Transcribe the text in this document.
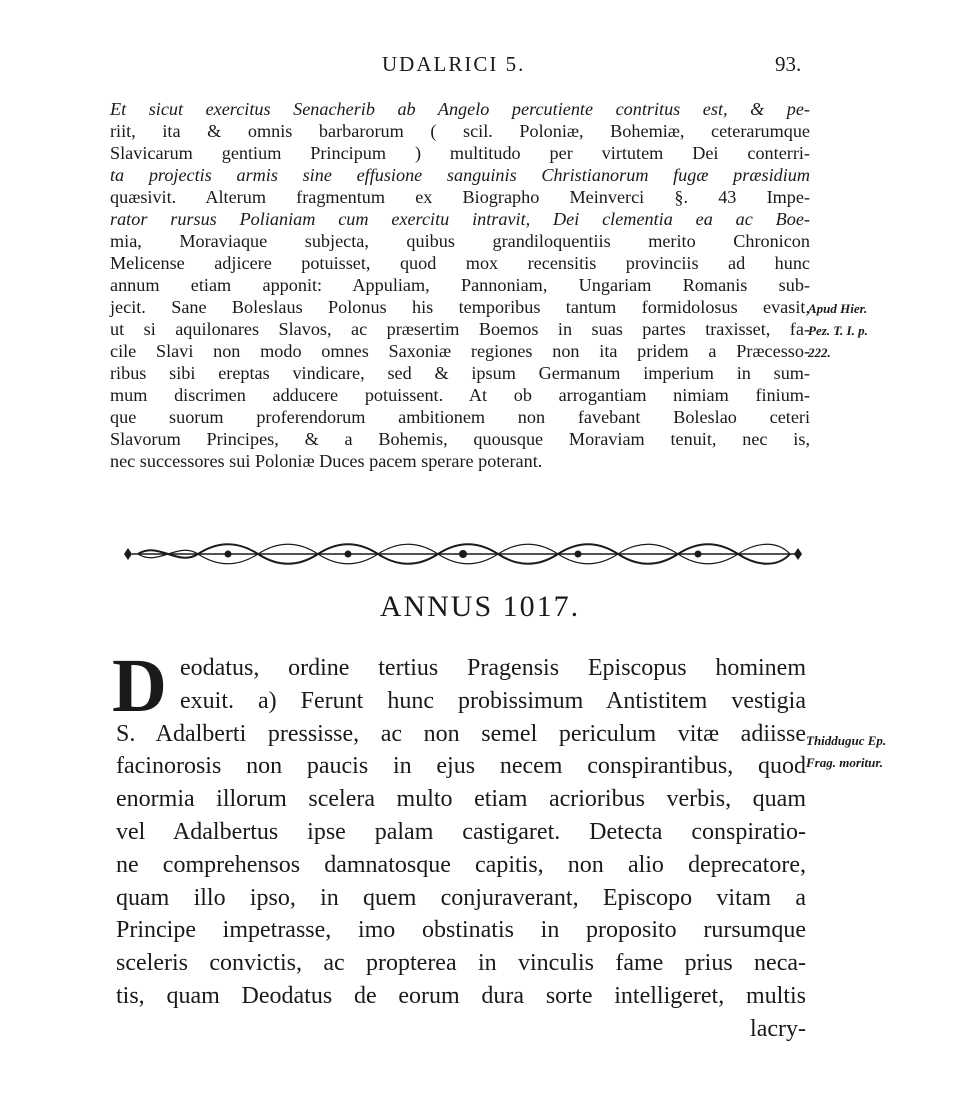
UDALRICI 5.	93.
Et sicut exercitus Senacherib ab Angelo percutiente contritus est, & pe-
riit, ita & omnis barbarorum ( scil. Poloniæ, Bohemiæ, ceterarumque
Slavicarum gentium Principum ) multitudo per virtutem Dei conterri-
ta projectis armis sine effusione sanguinis Christianorum fugæ præsidium
quæsivit. Alterum fragmentum ex Biographo Meinverci §. 43 Impe-
rator rursus Polianiam cum exercitu intravit, Dei clementia ea ac Boe-
mia, Moraviaque subjecta, quibus grandiloquentiis merito Chronicon
Melicense adjicere potuisset, quod mox recensitis provinciis ad hunc
annum etiam apponit: Appuliam, Pannoniam, Ungariam Romanis sub-
jecit. Sane Boleslaus Polonus his temporibus tantum formidolosus evasit,
ut si aquilonares Slavos, ac præsertim Boemos in suas partes traxisset, fa-
cile Slavi non modo omnes Saxoniæ regiones non ita pridem a Præcesso-
ribus sibi ereptas vindicare, sed & ipsum Germanum imperium in sum-
mum discrimen adducere potuissent. At ob arrogantiam nimiam finium-
que suorum proferendorum ambitionem non favebant Boleslao ceteri
Slavorum Principes, & a Bohemis, quousque Moraviam tenuit, nec is,
nec successores sui Poloniæ Duces pacem sperare poterant.
Apud Hier.
Pez. T. I. p.
222.
ANNUS 1017.
D eodatus, ordine tertius Pragensis Episcopus hominem
exuit. a) Ferunt hunc probissimum Antistitem vestigia
S. Adalberti pressisse, ac non semel periculum vitæ adiisse
facinorosis non paucis in ejus necem conspirantibus, quod
enormia illorum scelera multo etiam acrioribus verbis, quam
vel Adalbertus ipse palam castigaret. Detecta conspiratio-
ne comprehensos damnatosque capitis, non alio deprecatore,
quam illo ipso, in quem conjuraverant, Episcopo vitam a
Principe impetrasse, imo obstinatis in proposito rursumque
sceleris convictis, ac propterea in vinculis fame prius neca-
tis, quam Deodatus de eorum dura sorte intelligeret, multis
lacry-
Thidduguc Ep.
Frag. moritur.
